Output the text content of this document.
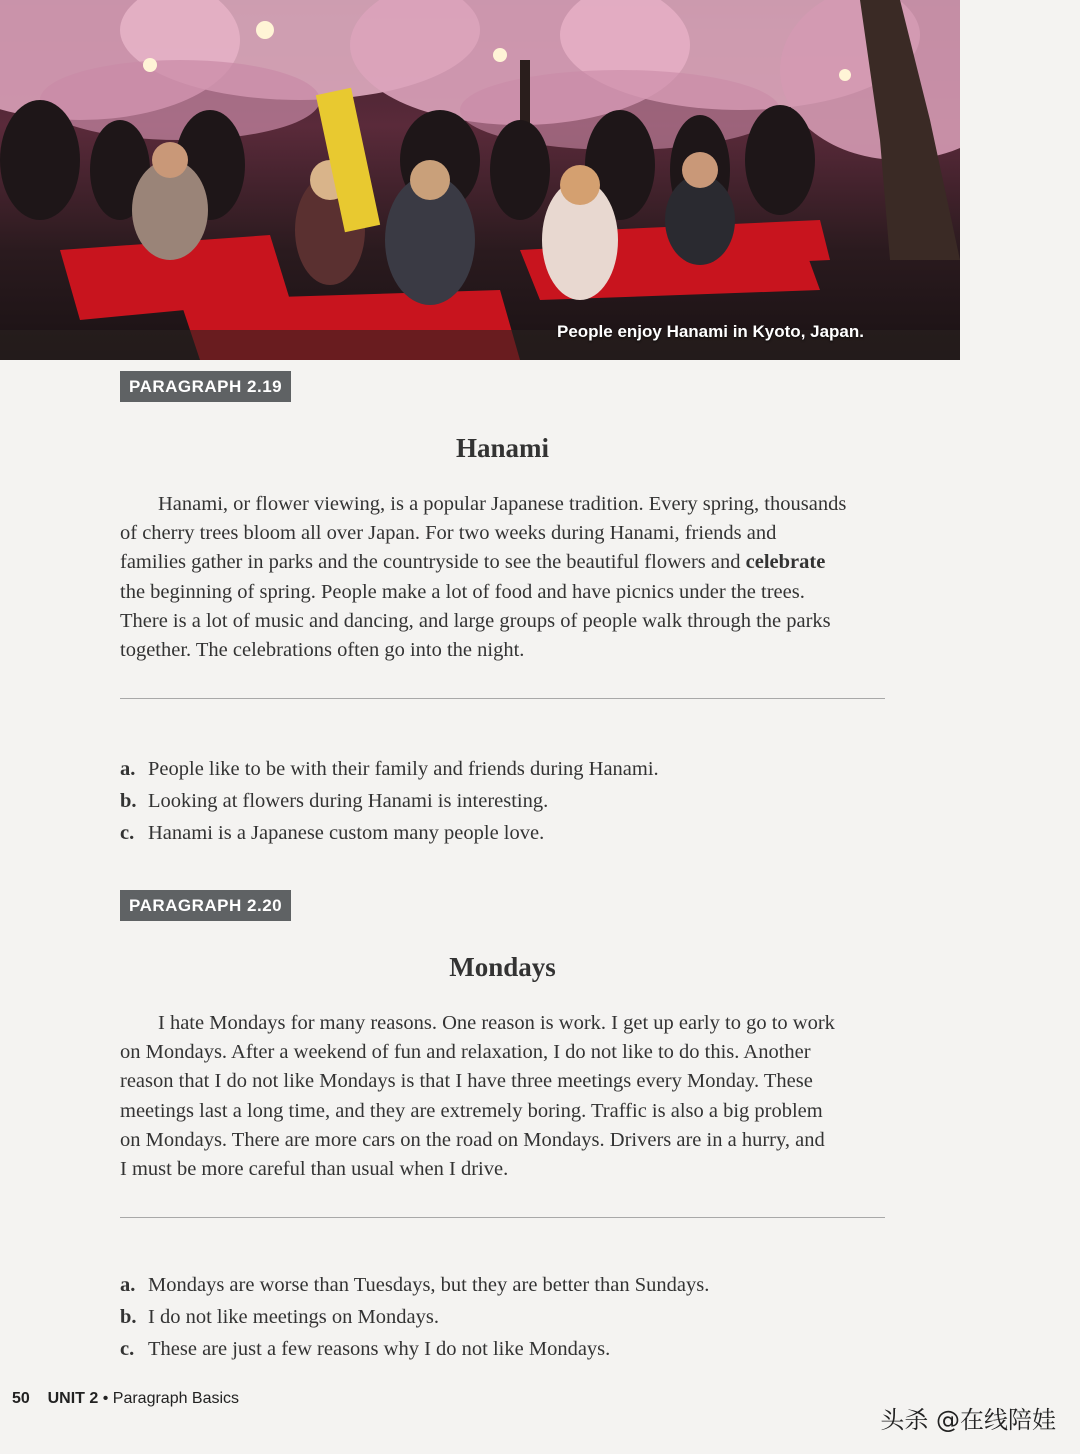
People enjoy Hanami in Kyoto, Japan.
PARAGRAPH 2.19
Hanami

Hanami, or flower viewing, is a popular Japanese tradition. Every spring, thousands
of cherry trees bloom all over Japan. For two weeks during Hanami, friends and
families gather in parks and the countryside to see the beautiful flowers and celebrate
the beginning of spring. People make a lot of food and have picnics under the trees.
There is a lot of music and dancing, and large groups of people walk through the parks
together. The celebrations often go into the night.

a. People like to be with their family and friends during Hanami.
b. Looking at flowers during Hanami is interesting.
c. Hanami is a Japanese custom many people love.
PARAGRAPH 2.20
Mondays

I hate Mondays for many reasons. One reason is work. I get up early to go to work
on Mondays. After a weekend of fun and relaxation, I do not like to do this. Another
reason that I do not like Mondays is that I have three meetings every Monday. These
meetings last a long time, and they are extremely boring. Traffic is also a big problem
on Mondays. There are more cars on the road on Mondays. Drivers are in a hurry, and
I must be more careful than usual when I drive.

a. Mondays are worse than Tuesdays, but they are better than Sundays.
b. I do not like meetings on Mondays.
c. These are just a few reasons why I do not like Mondays.
50 UNIT 2 • Paragraph Basics
头杀 @在线陪娃
